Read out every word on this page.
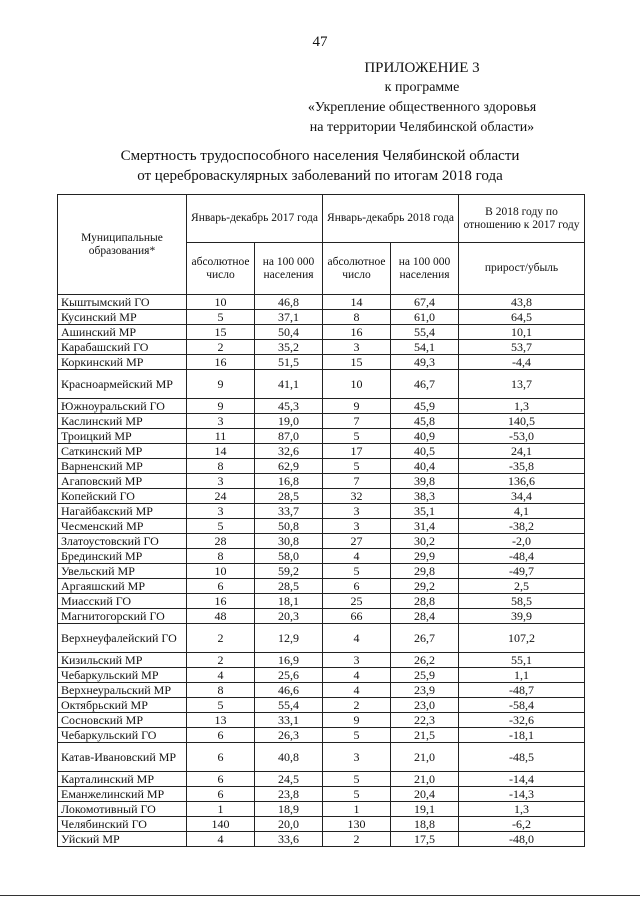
47
ПРИЛОЖЕНИЕ 3
к программе
«Укрепление общественного здоровья
на территории Челябинской области»
Смертность трудоспособного населения Челябинской области
от цереброваскулярных заболеваний по итогам 2018 года
Муниципальные образования*	Январь-декабрь 2017 года		Январь-декабрь 2018 года		В 2018 году по отношению к 2017 году
	абсолютное число	на 100 000 населения	абсолютное число	на 100 000 населения	прирост/убыль
Кыштымский ГО	10	46,8	14	67,4	43,8
Кусинский МР	5	37,1	8	61,0	64,5
Ашинский МР	15	50,4	16	55,4	10,1
Карабашский ГО	2	35,2	3	54,1	53,7
Коркинский МР	16	51,5	15	49,3	-4,4
Красноармейский МР	9	41,1	10	46,7	13,7
Южноуральский ГО	9	45,3	9	45,9	1,3
Каслинский МР	3	19,0	7	45,8	140,5
Троицкий МР	11	87,0	5	40,9	-53,0
Саткинский МР	14	32,6	17	40,5	24,1
Варненский МР	8	62,9	5	40,4	-35,8
Агаповский МР	3	16,8	7	39,8	136,6
Копейский ГО	24	28,5	32	38,3	34,4
Нагайбакский МР	3	33,7	3	35,1	4,1
Чесменский МР	5	50,8	3	31,4	-38,2
Златоустовский ГО	28	30,8	27	30,2	-2,0
Брединский МР	8	58,0	4	29,9	-48,4
Увельский МР	10	59,2	5	29,8	-49,7
Аргаяшский МР	6	28,5	6	29,2	2,5
Миасский ГО	16	18,1	25	28,8	58,5
Магнитогорский ГО	48	20,3	66	28,4	39,9
Верхнеуфалейский ГО	2	12,9	4	26,7	107,2
Кизильский МР	2	16,9	3	26,2	55,1
Чебаркульский МР	4	25,6	4	25,9	1,1
Верхнеуральский МР	8	46,6	4	23,9	-48,7
Октябрьский МР	5	55,4	2	23,0	-58,4
Сосновский МР	13	33,1	9	22,3	-32,6
Чебаркульский ГО	6	26,3	5	21,5	-18,1
Катав-Ивановский МР	6	40,8	3	21,0	-48,5
Карталинский МР	6	24,5	5	21,0	-14,4
Еманжелинский МР	6	23,8	5	20,4	-14,3
Локомотивный ГО	1	18,9	1	19,1	1,3
Челябинский ГО	140	20,0	130	18,8	-6,2
Уйский МР	4	33,6	2	17,5	-48,0
